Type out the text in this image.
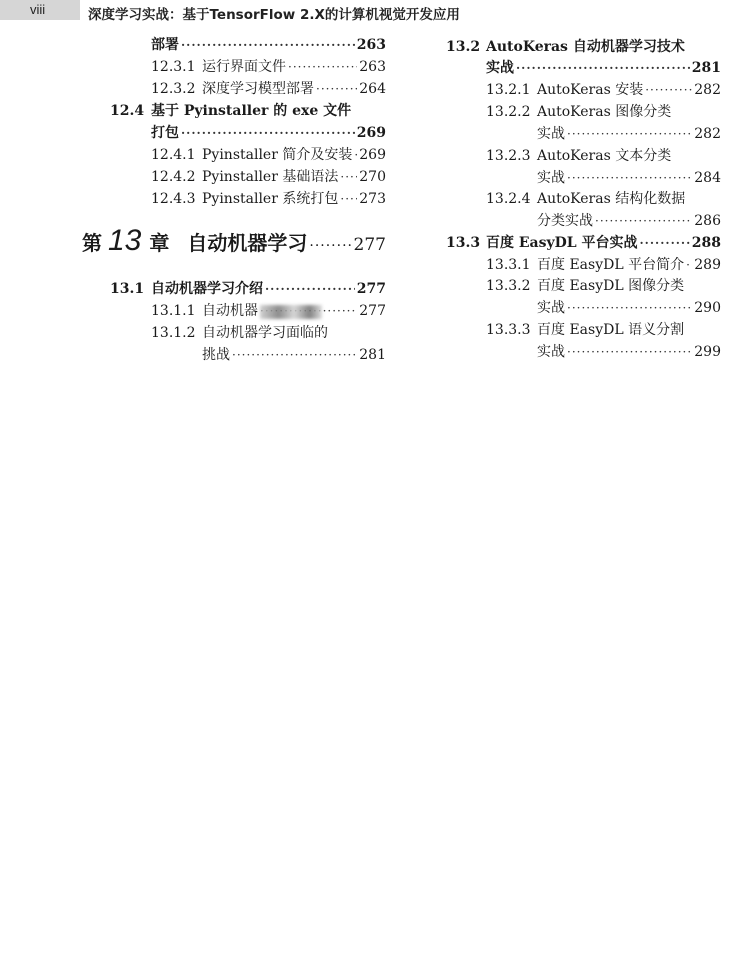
viii	深度学习实战：基于TensorFlow 2.X的计算机视觉开发应用
部署 ·····	263
12.3.1 运行界面文件 ·····	263
12.3.2 深度学习模型部署 ·····	264
12.4 基于 Pyinstaller 的 exe 文件
打包 ·····	269
12.4.1 Pyinstaller 简介及安装 ····· 269
12.4.2 Pyinstaller 基础语法 ····· 270
12.4.3 Pyinstaller 系统打包 ····· 273
第 13 章 自动机器学习 ·····	277
13.1 自动机器学习介绍 ·····	277
13.1.1 自动机器 ·····	277
13.1.2 自动机器学习面临的
挑战 ·····	281
13.2 AutoKeras 自动机器学习技术
实战 ·····	281
13.2.1 AutoKeras 安装 ·····	282
13.2.2 AutoKeras 图像分类
实战 ·····	282
13.2.3 AutoKeras 文本分类
实战 ·····	284
13.2.4 AutoKeras 结构化数据
分类实战 ·····	286
13.3 百度 EasyDL 平台实战 ·····	288
13.3.1 百度 EasyDL 平台简介 ····· 289
13.3.2 百度 EasyDL 图像分类
实战 ·····	290
13.3.3 百度 EasyDL 语义分割
实战 ·····	299
